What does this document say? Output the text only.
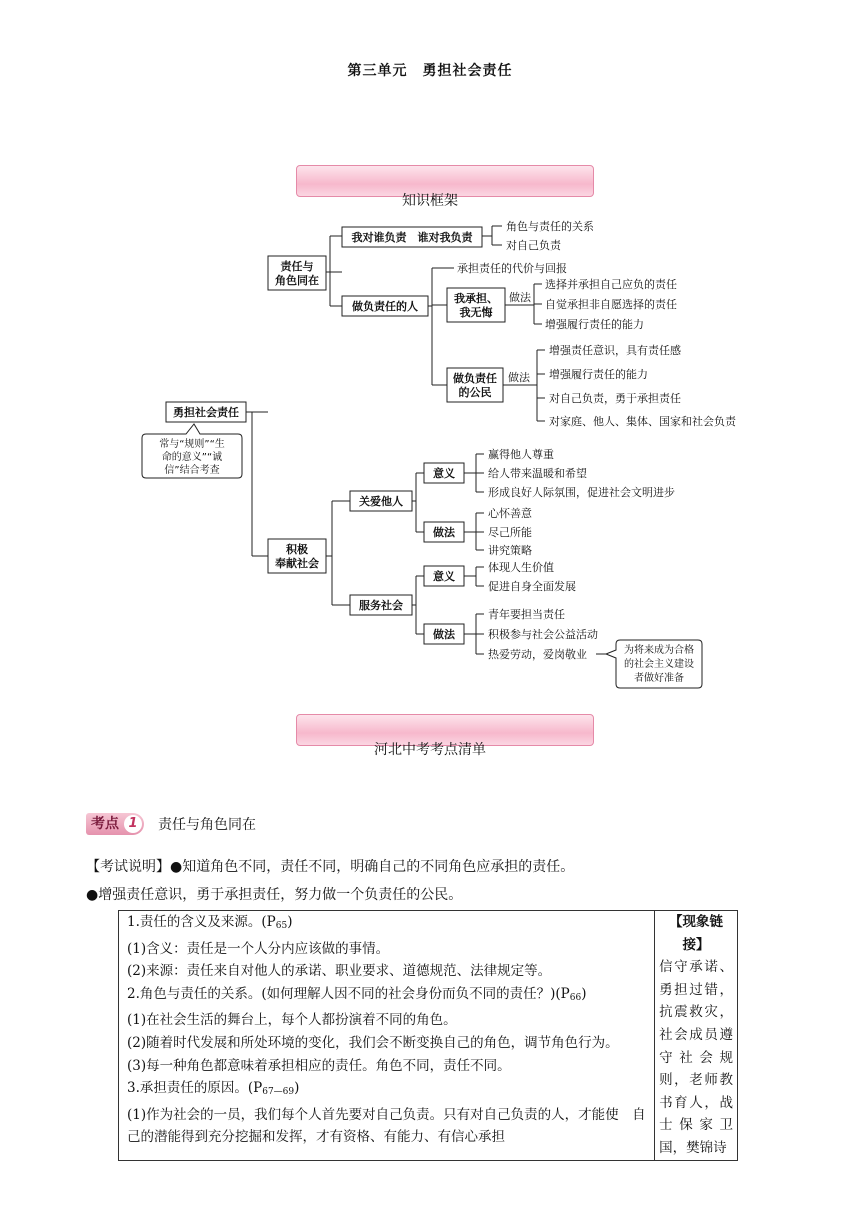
第三单元　勇担社会责任
知识框架
勇担社会责任
责任与
角色同在
我对谁负责　谁对我负责
做负责任的人
我承担、
我无悔
做负责任
的公民
积极
奉献社会
关爱他人
意义
做法
服务社会
意义
做法
做法
做法
角色与责任的关系
对自己负责
承担责任的代价与回报
选择并承担自己应负的责任
自觉承担非自愿选择的责任
增强履行责任的能力
增强责任意识，具有责任感
增强履行责任的能力
对自己负责，勇于承担责任
对家庭、他人、集体、国家和社会负责
赢得他人尊重
给人带来温暖和希望
形成良好人际氛围，促进社会文明进步
心怀善意
尽己所能
讲究策略
体现人生价值
促进自身全面发展
青年要担当责任
积极参与社会公益活动
热爱劳动，爱岗敬业
常与“规则”“生
命的意义”“诚
信”结合考查
为将来成为合格
的社会主义建设
者做好准备
河北中考考点清单
考点 1	责任与角色同在
【考试说明】●知道角色不同，责任不同，明确自己的不同角色应承担的责任。
●增强责任意识，勇于承担责任，努力做一个负责任的公民。
1.责任的含义及来源。$(P_{65})$
(1)含义：责任是一个人分内应该做的事情。
(2)来源：责任来自对他人的承诺、职业要求、道德规范、法律规定等。
2.角色与责任的关系。(如何理解人因不同的社会身份而负不同的责任？)$(P_{66})$
(1)在社会生活的舞台上，每个人都扮演着不同的角色。
(2)随着时代发展和所处环境的变化，我们会不断变换自己的角色，调节角色行为。
(3)每一种角色都意味着承担相应的责任。角色不同，责任不同。
3.承担责任的原因。$(P_{67—69})$
(1)作为社会的一员，我们每个人首先要对自己负责。只有对自己负责的人，才能使　自己的潜能得到充分挖掘和发挥，才有资格、有能力、有信心承担

【现象链接】
信守承诺、勇担过错，抗震救灾，社会成员遵守社会规则，老师教书育人，战士保家卫国，樊锦诗
